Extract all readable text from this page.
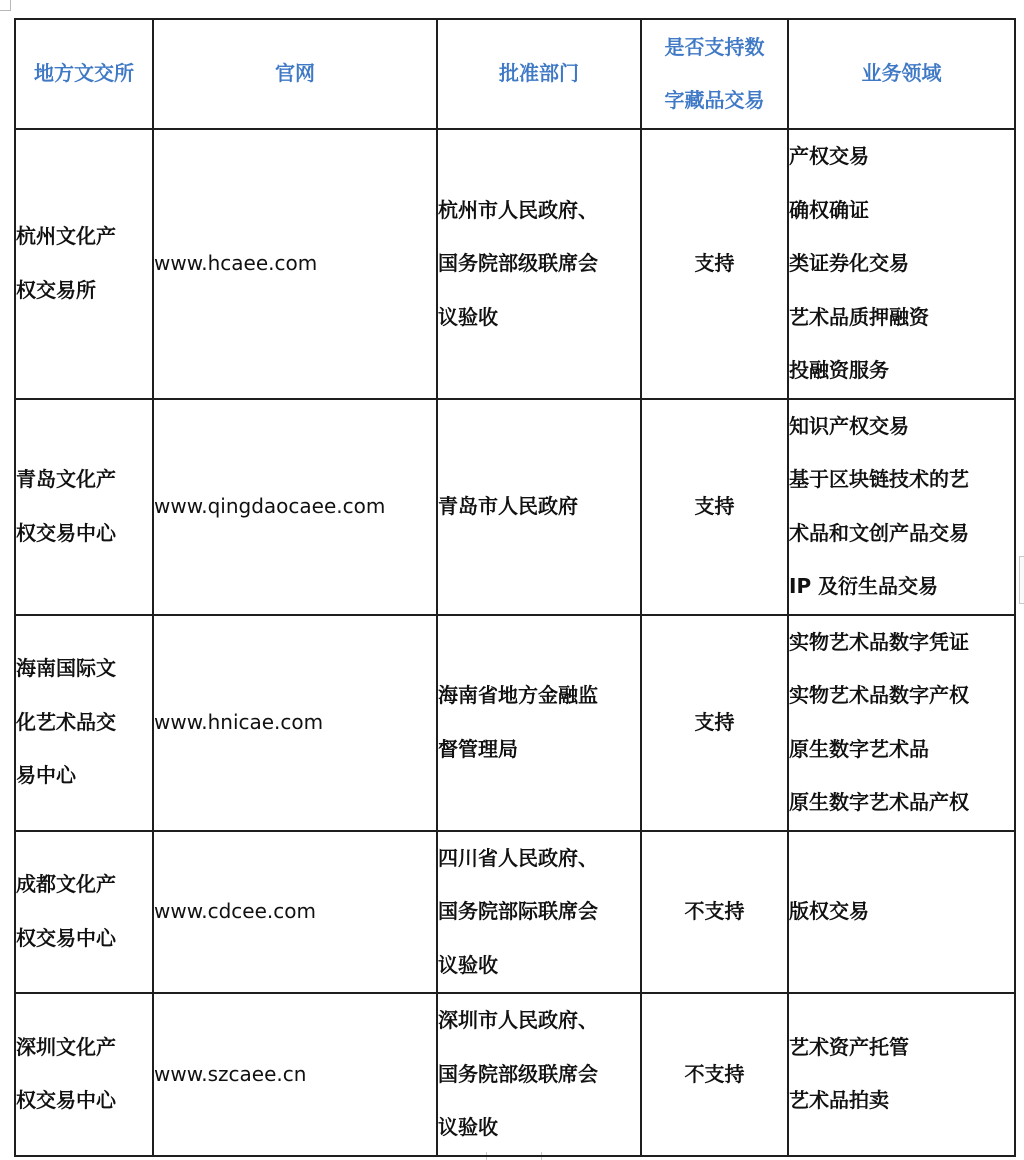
地方文交所	官网	批准部门	是否支持数
字藏品交易	业务领域

杭州文化产
权交易所	www.hcaee.com	杭州市人民政府、
国务院部级联席会
议验收	支持	产权交易
确权确证
类证券化交易
艺术品质押融资
投融资服务

青岛文化产
权交易中心	www.qingdaocaee.com	青岛市人民政府	支持	知识产权交易
基于区块链技术的艺
术品和文创产品交易
IP 及衍生品交易

海南国际文
化艺术品交
易中心	www.hnicae.com	海南省地方金融监
督管理局	支持	实物艺术品数字凭证
实物艺术品数字产权
原生数字艺术品
原生数字艺术品产权

成都文化产
权交易中心	www.cdcee.com	四川省人民政府、
国务院部际联席会
议验收	不支持	版权交易

深圳文化产
权交易中心	www.szcaee.cn	深圳市人民政府、
国务院部级联席会
议验收	不支持	艺术资产托管
艺术品拍卖
